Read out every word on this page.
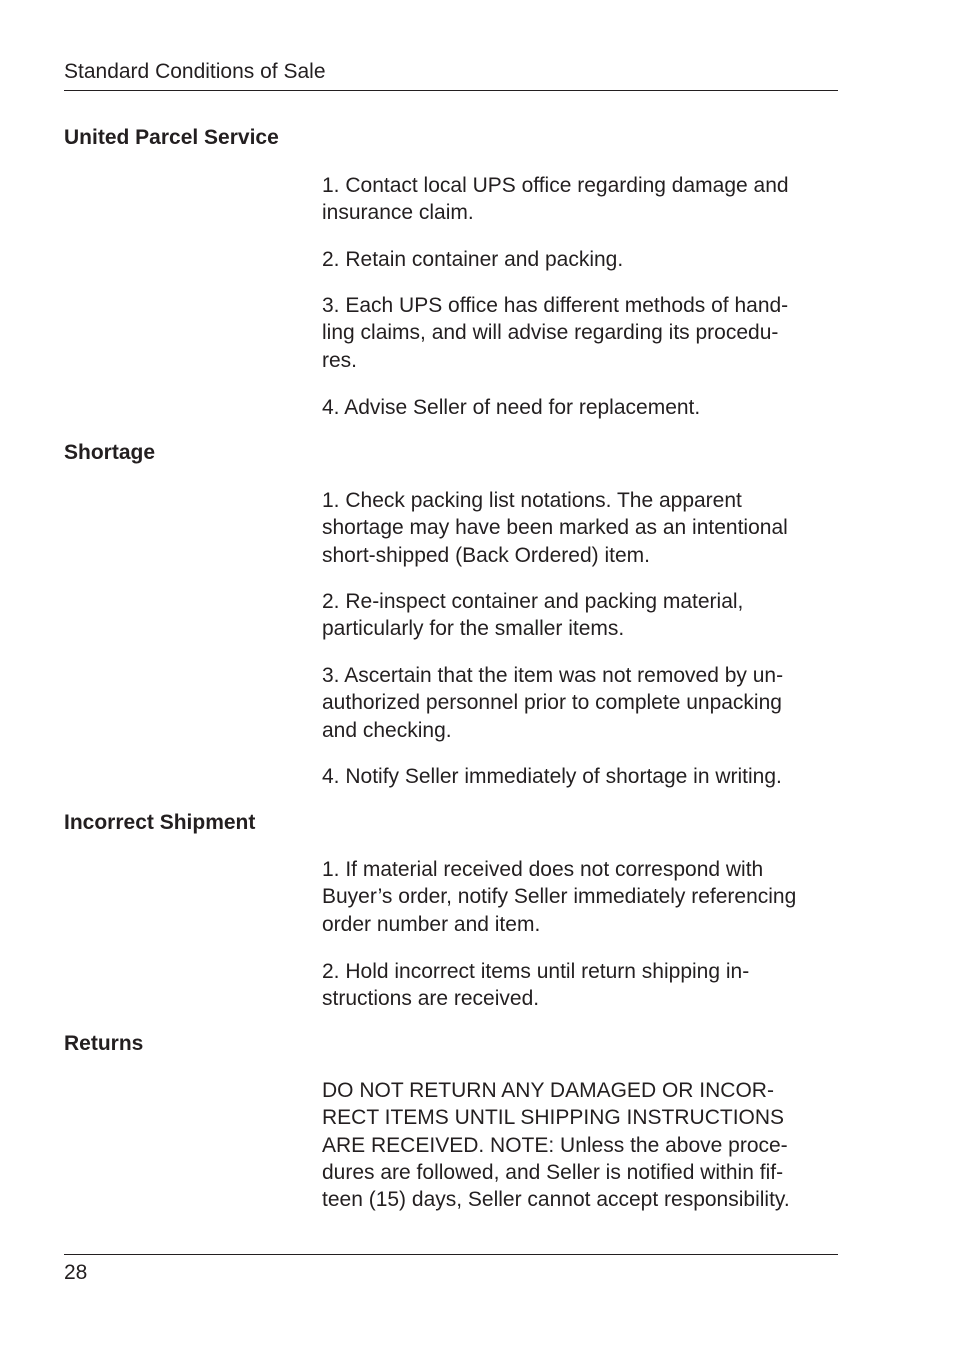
Standard Conditions of Sale
United Parcel Service

1. Contact local UPS office regarding damage and
insurance claim.

2. Retain container and packing.

3. Each UPS office has different methods of hand-
ling claims, and will advise regarding its procedu-
res.

4. Advise Seller of need for replacement.

Shortage

1. Check packing list notations. The apparent
shortage may have been marked as an intentional
short-shipped (Back Ordered) item.

2. Re-inspect container and packing material,
particularly for the smaller items.

3. Ascertain that the item was not removed by un-
authorized personnel prior to complete unpacking
and checking.

4. Notify Seller immediately of shortage in writing.

Incorrect Shipment

1. If material received does not correspond with
Buyer’s order, notify Seller immediately referencing
order number and item.

2. Hold incorrect items until return shipping in-
structions are received.

Returns

DO NOT RETURN ANY DAMAGED OR INCOR-
RECT ITEMS UNTIL SHIPPING INSTRUCTIONS
ARE RECEIVED. NOTE: Unless the above proce-
dures are followed, and Seller is notified within fif-
teen (15) days, Seller cannot accept responsibility.

28
